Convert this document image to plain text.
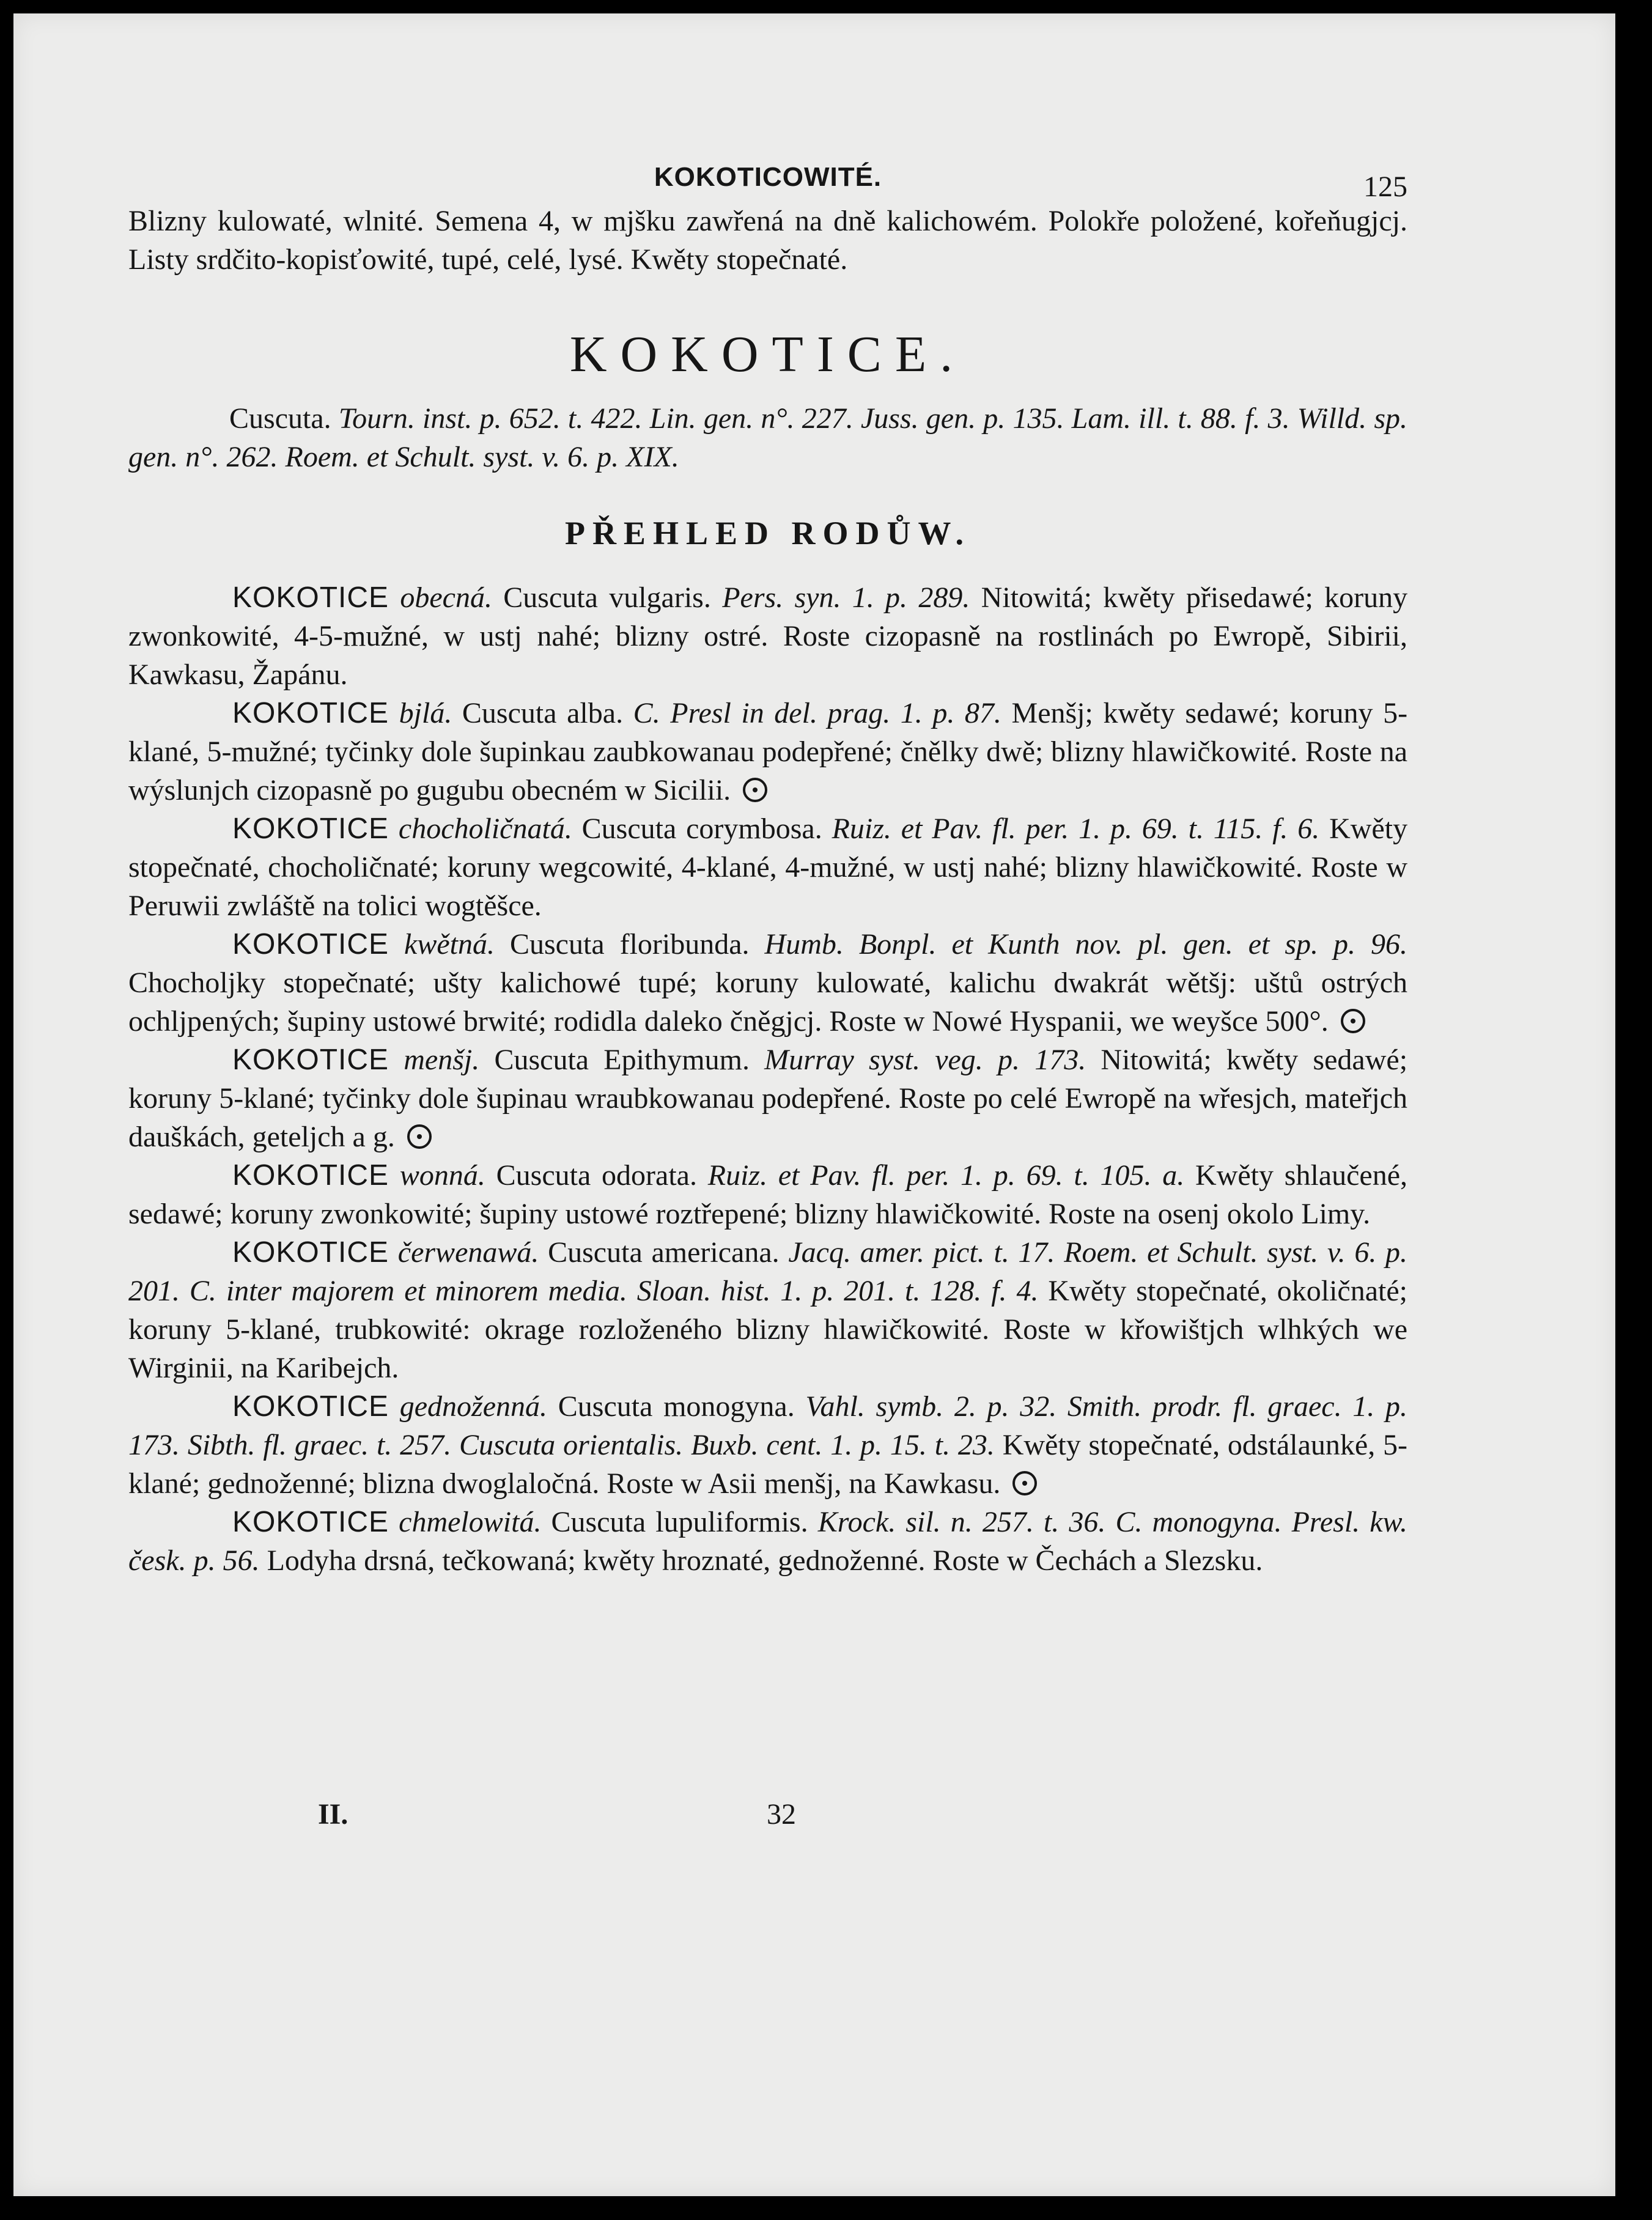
KOKOTICOWITÉ.	125

Blizny kulowaté, wlnité. Semena 4, w mjšku zawřená na dně kalichowém. Polokře položené, kořeňugjcj. Listy srdčito-kopisťowité, tupé, celé, lysé. Kwěty stopečnaté.

KOKOTICE.

Cuscuta. Tourn. inst. p. 652. t. 422. Lin. gen. n°. 227. Juss. gen. p. 135. Lam. ill. t. 88. f. 3. Willd. sp. gen. n°. 262. Roem. et Schult. syst. v. 6. p. XIX.

PŘEHLED RODŮW.

KOKOTICE obecná. Cuscuta vulgaris. Pers. syn. 1. p. 289. Nitowitá; kwěty přisedawé; koruny zwonkowité, 4-5-mužné, w ustj nahé; blizny ostré. Roste cizopasně na rostlinách po Ewropě, Sibirii, Kawkasu, Žapánu.

KOKOTICE bjlá. Cuscuta alba. C. Presl in del. prag. 1. p. 87. Menšj; kwěty sedawé; koruny 5-klané, 5-mužné; tyčinky dole šupinkau zaubkowanau podepřené; čnělky dwě; blizny hlawičkowité. Roste na wýslunjch cizopasně po gugubu obecném w Sicilii.

KOKOTICE chocholičnatá. Cuscuta corymbosa. Ruiz. et Pav. fl. per. 1. p. 69. t. 115. f. 6. Kwěty stopečnaté, chocholičnaté; koruny wegcowité, 4-klané, 4-mužné, w ustj nahé; blizny hlawičkowité. Roste w Peruwii zwláště na tolici wogtěšce.

KOKOTICE kwětná. Cuscuta floribunda. Humb. Bonpl. et Kunth nov. pl. gen. et sp. p. 96. Chocholjky stopečnaté; ušty kalichowé tupé; koruny kulowaté, kalichu dwakrát wětšj: uštů ostrých ochljpených; šupiny ustowé brwité; rodidla daleko čněgjcj. Roste w Nowé Hyspanii, we weyšce 500°.

KOKOTICE menšj. Cuscuta Epithymum. Murray syst. veg. p. 173. Nitowitá; kwěty sedawé; koruny 5-klané; tyčinky dole šupinau wraubkowanau podepřené. Roste po celé Ewropě na wřesjch, mateřjch dauškách, geteljch a g.

KOKOTICE wonná. Cuscuta odorata. Ruiz. et Pav. fl. per. 1. p. 69. t. 105. a. Kwěty shlaučené, sedawé; koruny zwonkowité; šupiny ustowé roztřepené; blizny hlawičkowité. Roste na osenj okolo Limy.

KOKOTICE čerwenawá. Cuscuta americana. Jacq. amer. pict. t. 17. Roem. et Schult. syst. v. 6. p. 201. C. inter majorem et minorem media. Sloan. hist. 1. p. 201. t. 128. f. 4. Kwěty stopečnaté, okoličnaté; koruny 5-klané, trubkowité: okrage rozloženého blizny hlawičkowité. Roste w křowištjch wlhkých we Wirginii, na Karibejch.

KOKOTICE gednoženná. Cuscuta monogyna. Vahl. symb. 2. p. 32. Smith. prodr. fl. graec. 1. p. 173. Sibth. fl. graec. t. 257. Cuscuta orientalis. Buxb. cent. 1. p. 15. t. 23. Kwěty stopečnaté, odstálaunké, 5-klané; gednoženné; blizna dwoglaločná. Roste w Asii menšj, na Kawkasu.

KOKOTICE chmelowitá. Cuscuta lupuliformis. Krock. sil. n. 257. t. 36. C. monogyna. Presl. kw. česk. p. 56. Lodyha drsná, tečkowaná; kwěty hroznaté, gednoženné. Roste w Čechách a Slezsku.

II.	32
